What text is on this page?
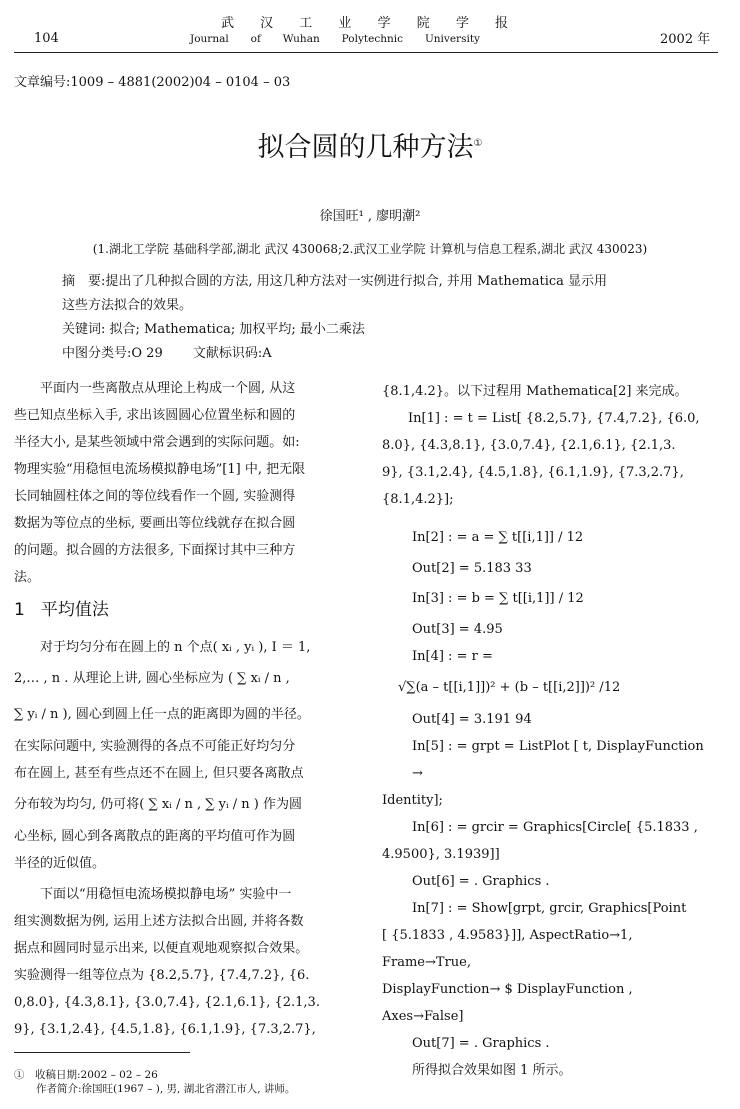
武 汉 工 业 学 院 学 报
Journal of Wuhan Polytechnic University
104	2002 年
文章编号:1009 – 4881(2002)04 – 0104 – 03
拟合圆的几种方法①
徐国旺¹ , 廖明潮²
(1.湖北工学院 基础科学部,湖北 武汉 430068;2.武汉工业学院 计算机与信息工程系,湖北 武汉 430023)
摘　要:提出了几种拟合圆的方法, 用这几种方法对一实例进行拟合, 并用 Mathematica 显示用
这些方法拟合的效果。
关键词: 拟合; Mathematica; 加权平均; 最小二乘法
中图分类号:O 29　　 文献标识码:A

平面内一些离散点从理论上构成一个圆, 从这

些已知点坐标入手, 求出该圆圆心位置坐标和圆的

半径大小, 是某些领域中常会遇到的实际问题。如:

物理实验“用稳恒电流场模拟静电场”[1] 中, 把无限

长同轴圆柱体之间的等位线看作一个圆, 实验测得

数据为等位点的坐标, 要画出等位线就存在拟合圆

的问题。拟合圆的方法很多, 下面探讨其中三种方

法。

1 平均值法

对于均匀分布在圆上的 n 个点( xᵢ , yᵢ ), I ＝ 1,

2,… , n . 从理论上讲, 圆心坐标应为 ( ∑ xᵢ / n ,

∑ yᵢ / n ), 圆心到圆上任一点的距离即为圆的半径。

在实际问题中, 实验测得的各点不可能正好均匀分

布在圆上, 甚至有些点还不在圆上, 但只要各离散点

分布较为均匀, 仍可将( ∑ xᵢ / n , ∑ yᵢ / n ) 作为圆

心坐标, 圆心到各离散点的距离的平均值可作为圆

半径的近似值。

下面以“用稳恒电流场模拟静电场” 实验中一

组实测数据为例, 运用上述方法拟合出圆, 并将各数

据点和圆同时显示出来, 以便直观地观察拟合效果。

实验测得一组等位点为 {8.2,5.7}, {7.4,7.2}, {6.

0,8.0}, {4.3,8.1}, {3.0,7.4}, {2.1,6.1}, {2.1,3.

9}, {3.1,2.4}, {4.5,1.8}, {6.1,1.9}, {7.3,2.7},

{8.1,4.2}。以下过程用 Mathematica[2] 来完成。

In[1] : = t = List[ {8.2,5.7}, {7.4,7.2}, {6.0,

8.0}, {4.3,8.1}, {3.0,7.4}, {2.1,6.1}, {2.1,3.

9}, {3.1,2.4}, {4.5,1.8}, {6.1,1.9}, {7.3,2.7},

{8.1,4.2}];

In[2] : = a = ∑ t[[i,1]] / 12

Out[2] = 5.183 33

In[3] : = b = ∑ t[[i,1]] / 12

Out[3] = 4.95

In[4] : = r =

√∑(a – t[[i,1]])² + (b – t[[i,2]])² /12

Out[4] = 3.191 94

In[5] : = grpt = ListPlot [ t, DisplayFunction →

Identity];

In[6] : = grcir = Graphics[Circle[ {5.1833 ,

4.9500}, 3.1939]]

Out[6] = . Graphics .

In[7] : = Show[grpt, grcir, Graphics[Point

[ {5.1833 , 4.9583}]], AspectRatio→1, Frame→True,

DisplayFunction→ $ DisplayFunction , Axes→False]

Out[7] = . Graphics .

所得拟合效果如图 1 所示。

①　 收稿日期:2002 – 02 – 26
作者简介:徐国旺(1967 – ), 男, 湖北省潜江市人, 讲师。
